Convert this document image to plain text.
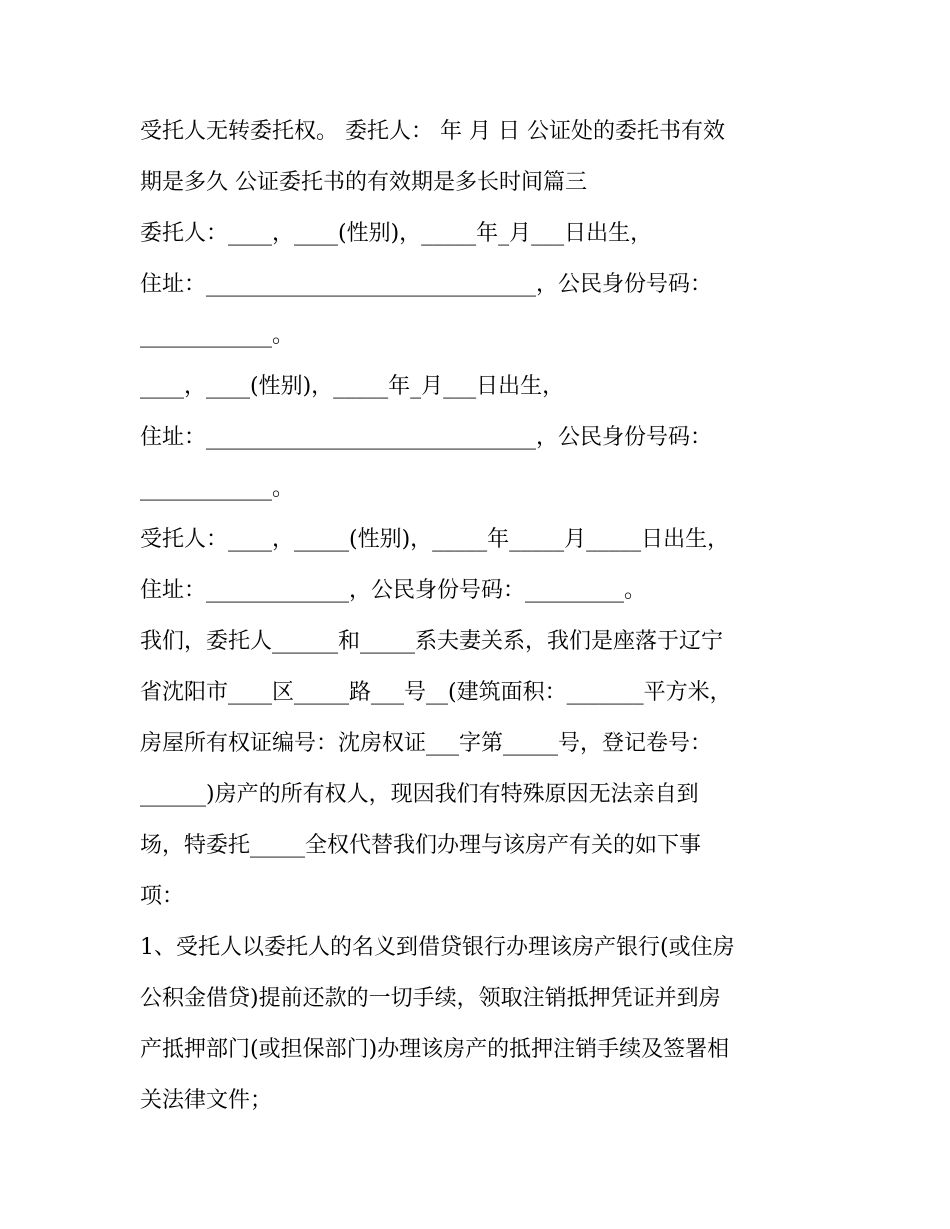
受托人无转委托权。 委托人： 年 月 日 公证处的委托书有效
期是多久 公证委托书的有效期是多长时间篇三
委托人：____，____(性别)，_____年_月___日出生，
住址：______________________________，公民身份号码：
____________。
____，____(性别)，_____年_月___日出生，
住址：______________________________，公民身份号码：
____________。
受托人：____，_____(性别)，_____年_____月_____日出生，
住址：_____________，公民身份号码：_________。
我们，委托人______和_____系夫妻关系，我们是座落于辽宁
省沈阳市____区_____路___号__(建筑面积：_______平方米，
房屋所有权证编号：沈房权证___字第_____号，登记卷号：
______)房产的所有权人，现因我们有特殊原因无法亲自到
场，特委托_____全权代替我们办理与该房产有关的如下事
项：
1、受托人以委托人的名义到借贷银行办理该房产银行(或住房
公积金借贷)提前还款的一切手续，领取注销抵押凭证并到房
产抵押部门(或担保部门)办理该房产的抵押注销手续及签署相
关法律文件；
